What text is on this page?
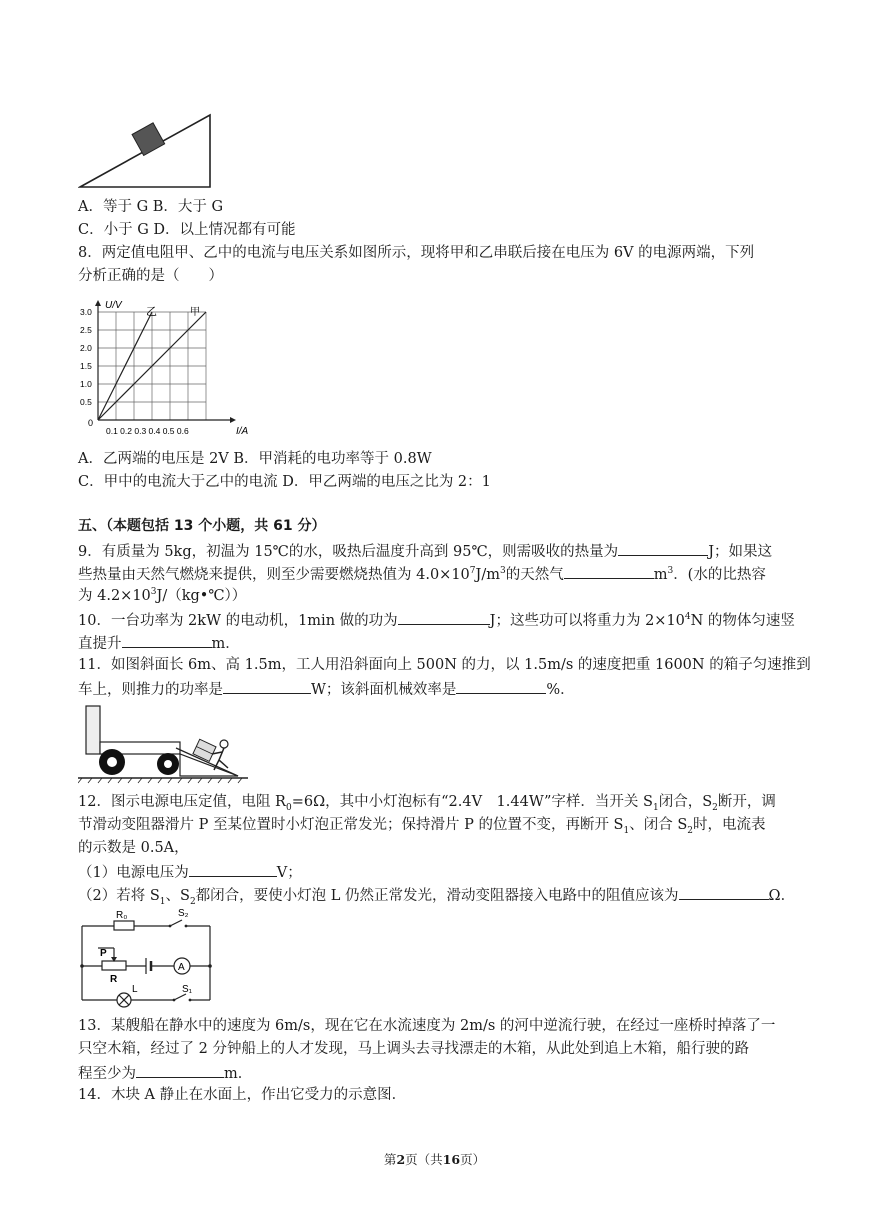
A．等于 G B．大于 G
C．小于 G D．以上情况都有可能
8．两定值电阻甲、乙中的电流与电压关系如图所示，现将甲和乙串联后接在电压为 6V 的电源两端，下列
分析正确的是（　　）
3.0
2.5
2.0
1.5
1.0
0.5
U/V
I/A
0.1 0.2 0.3 0.4 0.5 0.6
0
乙	甲
A．乙两端的电压是 2V B．甲消耗的电功率等于 0.8W
C．甲中的电流大于乙中的电流 D．甲乙两端的电压之比为 2：1
五、（本题包括 13 个小题，共 61 分）
9．有质量为 5kg，初温为 15℃的水，吸热后温度升高到 95℃，则需吸收的热量为	J；如果这
些热量由天然气燃烧来提供，则至少需要燃烧热值为 $4.0\times 10^7J/m^3$的天然气	$m^3$．(水的比热容
为 $4.2\times 10^3J/(kg•℃)$）
10．一台功率为 2kW 的电动机，1min 做的功为	J；这些功可以将重力为 $2\times 10^4N$ 的物体匀速竖
直提升	m．
11．如图斜面长 6m、高 1.5m，工人用沿斜面向上 500N 的力，以 1.5m/s 的速度把重 1600N 的箱子匀速推到
车上，则推力的功率是	W；该斜面机械效率是	%．
12．图示电源电压定值，电阻 $R_0=6\Omega$，其中小灯泡标有“2.4V　1.44W”字样．当开关 $S_1$闭合，$S_2$断开，调
节滑动变阻器滑片 P 至某位置时小灯泡正常发光；保持滑片 P 的位置不变，再断开 $S_1$、闭合 $S_2$时，电流表
的示数是 0.5A，
（1）电源电压为	V；
（2）若将 $S_1$、$S_2$都闭合，要使小灯泡 L 仍然正常发光，滑动变阻器接入电路中的阻值应该为	Ω．
R₀	S₂
P
R
A
L	S₁
13．某艘船在静水中的速度为 6m/s，现在它在水流速度为 2m/s 的河中逆流行驶，在经过一座桥时掉落了一
只空木箱，经过了 2 分钟船上的人才发现，马上调头去寻找漂走的木箱，从此处到追上木箱，船行驶的路
程至少为	m．
14．木块 A 静止在水面上，作出它受力的示意图．
第2页（共16页）
